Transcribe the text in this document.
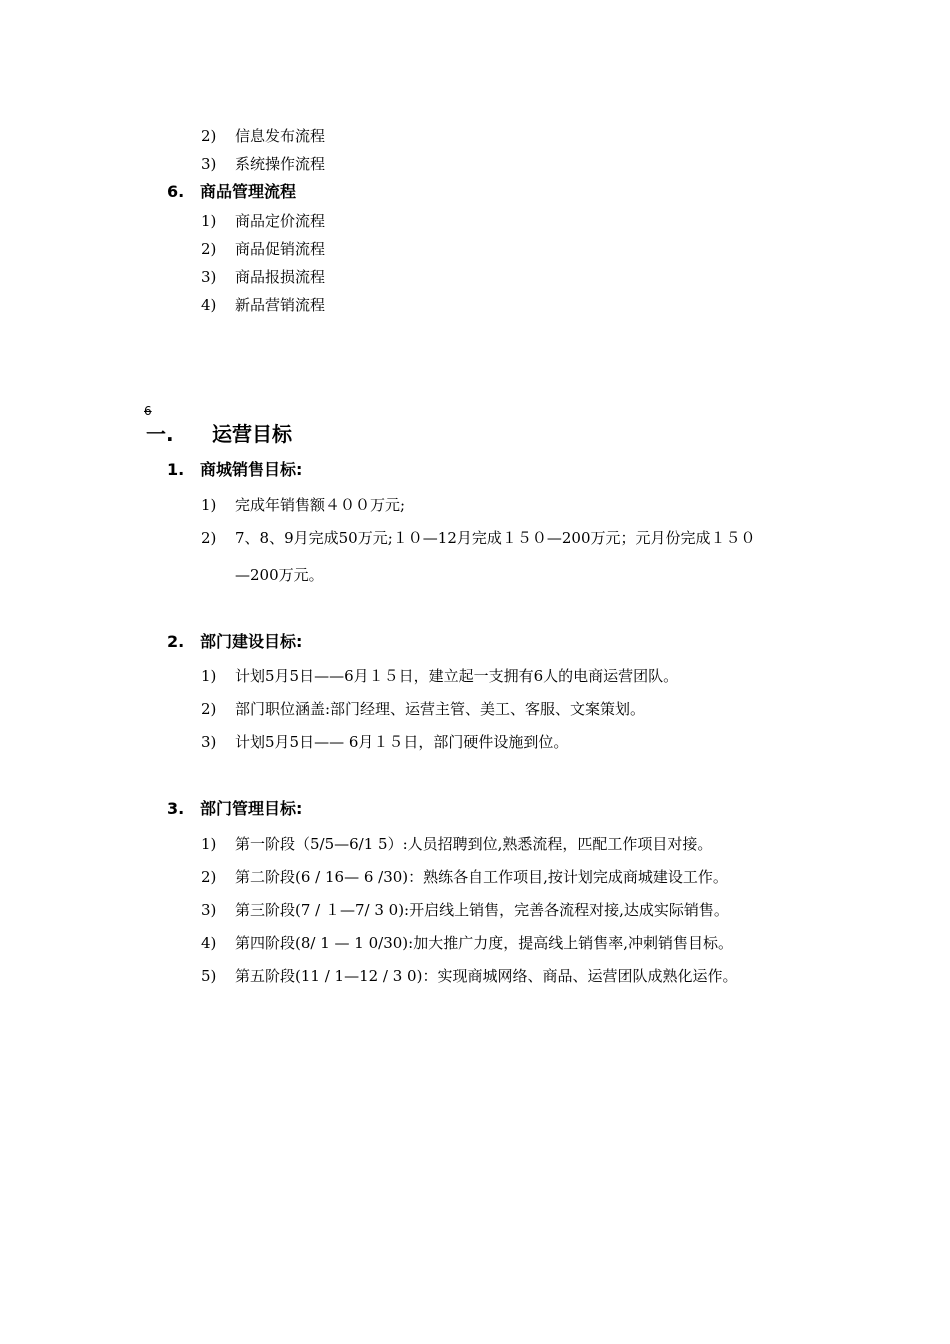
2) 信息发布流程
3) 系统操作流程
6. 商品管理流程
1) 商品定价流程
2) 商品促销流程
3) 商品报损流程
4) 新品营销流程
6
一. 运营目标
1. 商城销售目标:
1) 完成年销售额４００万元;
2) 7、8、9月完成50万元;１０—12月完成１５０—200万元；元月份完成１５０
—200万元。
2. 部门建设目标:
1) 计划5月5日——6月１５日，建立起一支拥有6人的电商运营团队。
2) 部门职位涵盖:部门经理、运营主管、美工、客服、文案策划。
3) 计划5月5日—— 6月１５日，部门硬件设施到位。
3. 部门管理目标:
1) 第一阶段（5/5—6/1 5）:人员招聘到位,熟悉流程，匹配工作项目对接。
2) 第二阶段(6 / 16— 6 /30)：熟练各自工作项目,按计划完成商城建设工作。
3) 第三阶段(7 / １—7/ 3 0):开启线上销售，完善各流程对接,达成实际销售。
4) 第四阶段(8/ 1 — 1 0/30):加大推广力度，提高线上销售率,冲刺销售目标。
5) 第五阶段(11 / 1—12 / 3 0)：实现商城网络、商品、运营团队成熟化运作。
